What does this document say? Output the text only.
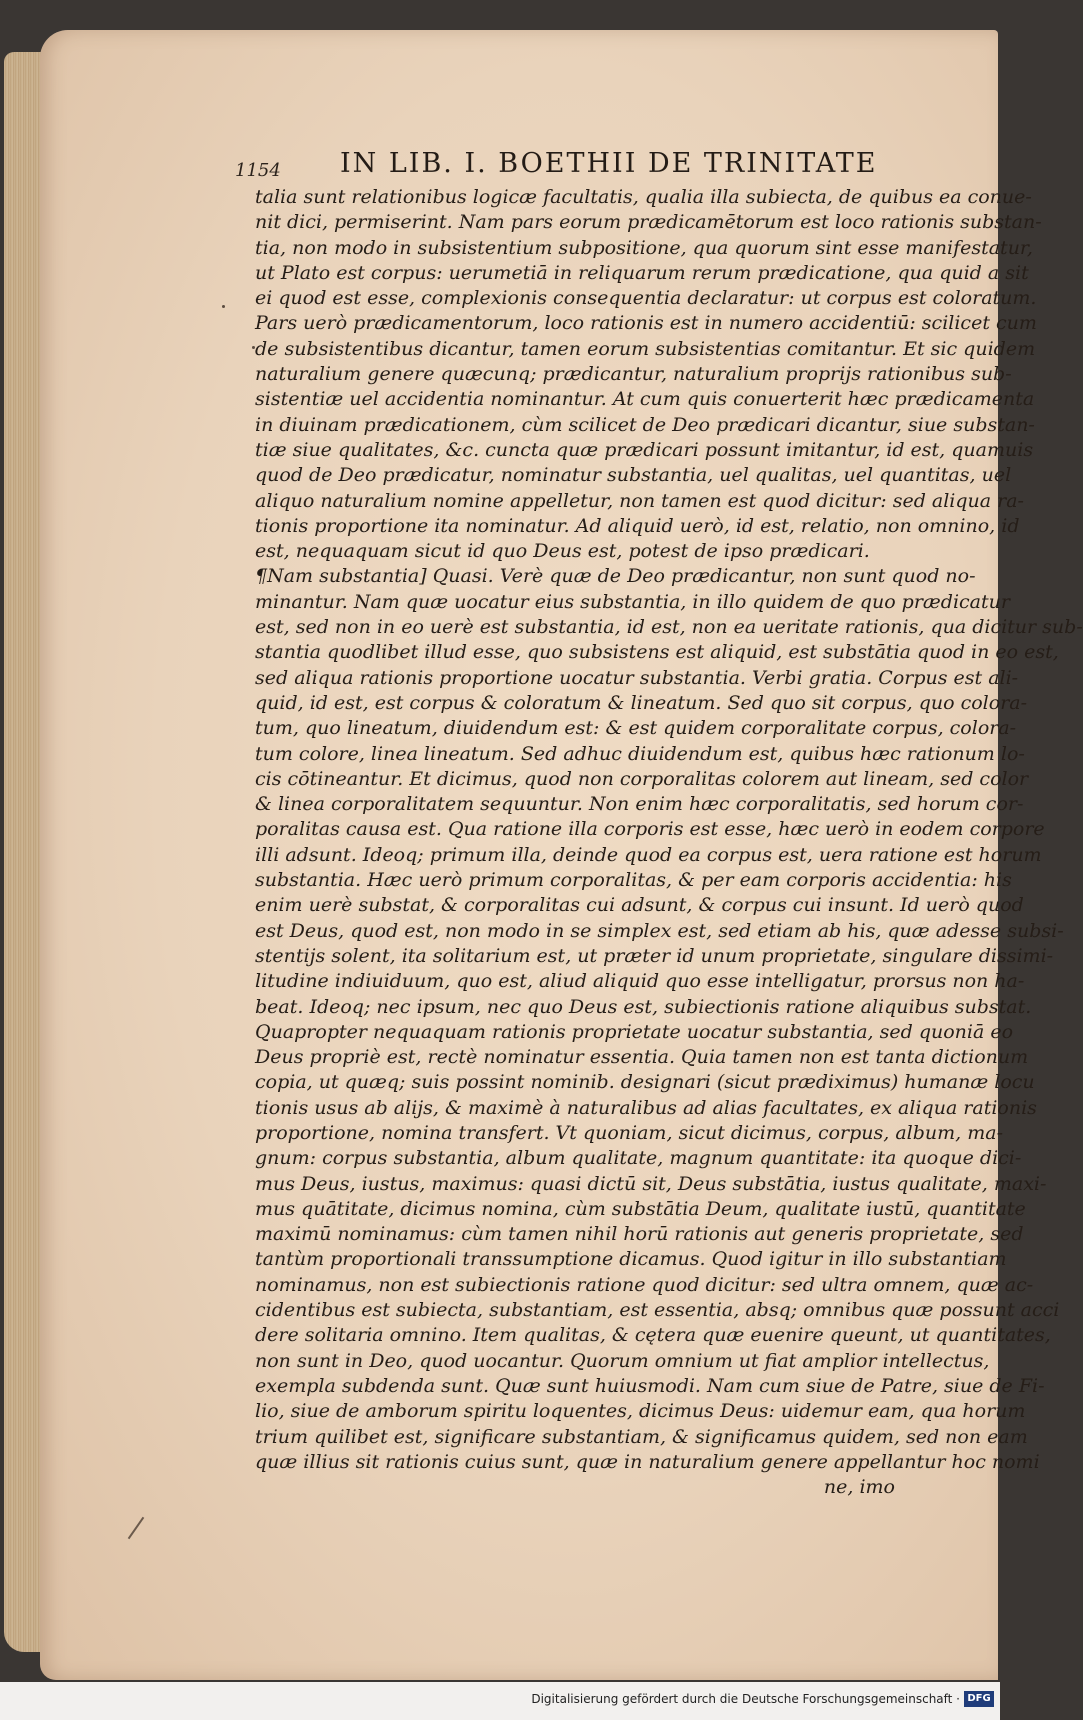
1154 IN LIB. I. BOETHII DE TRINITATE
talia sunt relationibus logicæ facultatis, qualia illa subiecta, de quibus ea conue-
nit dici, permiserint. Nam pars eorum prædicamētorum est loco rationis substan-
tia, non modo in subsistentium subpositione, qua quorum sint esse manifestatur,
ut Plato est corpus: uerumetiā in reliquarum rerum prædicatione, qua quid a sit
ei quod est esse, complexionis consequentia declaratur: ut corpus est coloratum.
Pars uerò prædicamentorum, loco rationis est in numero accidentiū: scilicet cum
de subsistentibus dicantur, tamen eorum subsistentias comitantur. Et sic quidem
naturalium genere quæcunq; prædicantur, naturalium proprijs rationibus sub-
sistentiæ uel accidentia nominantur. At cum quis conuerterit hæc prædicamenta
in diuinam prædicationem, cùm scilicet de Deo prædicari dicantur, siue substan-
tiæ siue qualitates, &c. cuncta quæ prædicari possunt imitantur, id est, quamuis
quod de Deo prædicatur, nominatur substantia, uel qualitas, uel quantitas, uel
aliquo naturalium nomine appelletur, non tamen est quod dicitur: sed aliqua ra-
tionis proportione ita nominatur. Ad aliquid uerò, id est, relatio, non omnino, id
est, nequaquam sicut id quo Deus est, potest de ipso prædicari.
¶Nam substantia] Quasi. Verè quæ de Deo prædicantur, non sunt quod no-
minantur. Nam quæ uocatur eius substantia, in illo quidem de quo prædicatur
est, sed non in eo uerè est substantia, id est, non ea ueritate rationis, qua dicitur sub-
stantia quodlibet illud esse, quo subsistens est aliquid, est substātia quod in eo est,
sed aliqua rationis proportione uocatur substantia. Verbi gratia. Corpus est ali-
quid, id est, est corpus & coloratum & lineatum. Sed quo sit corpus, quo colora-
tum, quo lineatum, diuidendum est: & est quidem corporalitate corpus, colora-
tum colore, linea lineatum. Sed adhuc diuidendum est, quibus hæc rationum lo-
cis cōtineantur. Et dicimus, quod non corporalitas colorem aut lineam, sed color
& linea corporalitatem sequuntur. Non enim hæc corporalitatis, sed horum cor-
poralitas causa est. Qua ratione illa corporis est esse, hæc uerò in eodem corpore
illi adsunt. Ideoq; primum illa, deinde quod ea corpus est, uera ratione est horum
substantia. Hæc uerò primum corporalitas, & per eam corporis accidentia: his
enim uerè substat, & corporalitas cui adsunt, & corpus cui insunt. Id uerò quod
est Deus, quod est, non modo in se simplex est, sed etiam ab his, quæ adesse subsi-
stentijs solent, ita solitarium est, ut præter id unum proprietate, singulare dissimi-
litudine indiuiduum, quo est, aliud aliquid quo esse intelligatur, prorsus non ha-
beat. Ideoq; nec ipsum, nec quo Deus est, subiectionis ratione aliquibus substat.
Quapropter nequaquam rationis proprietate uocatur substantia, sed quoniā eo
Deus propriè est, rectè nominatur essentia. Quia tamen non est tanta dictionum
copia, ut quæq; suis possint nominib. designari (sicut prædiximus) humanæ locu
tionis usus ab alijs, & maximè à naturalibus ad alias facultates, ex aliqua rationis
proportione, nomina transfert. Vt quoniam, sicut dicimus, corpus, album, ma-
gnum: corpus substantia, album qualitate, magnum quantitate: ita quoque dici-
mus Deus, iustus, maximus: quasi dictū sit, Deus substātia, iustus qualitate, maxi-
mus quātitate, dicimus nomina, cùm substātia Deum, qualitate iustū, quantitate
maximū nominamus: cùm tamen nihil horū rationis aut generis proprietate, sed
tantùm proportionali transsumptione dicamus. Quod igitur in illo substantiam
nominamus, non est subiectionis ratione quod dicitur: sed ultra omnem, quæ ac-
cidentibus est subiecta, substantiam, est essentia, absq; omnibus quæ possunt acci
dere solitaria omnino. Item qualitas, & cętera quæ euenire queunt, ut quantitates,
non sunt in Deo, quod uocantur. Quorum omnium ut fiat amplior intellectus,
exempla subdenda sunt. Quæ sunt huiusmodi. Nam cum siue de Patre, siue de Fi-
lio, siue de amborum spiritu loquentes, dicimus Deus: uidemur eam, qua horum
trium quilibet est, significare substantiam, & significamus quidem, sed non eam
quæ illius sit rationis cuius sunt, quæ in naturalium genere appellantur hoc nomi
ne, imo
Digitalisierung gefördert durch die Deutsche Forschungsgemeinschaft · DFG
